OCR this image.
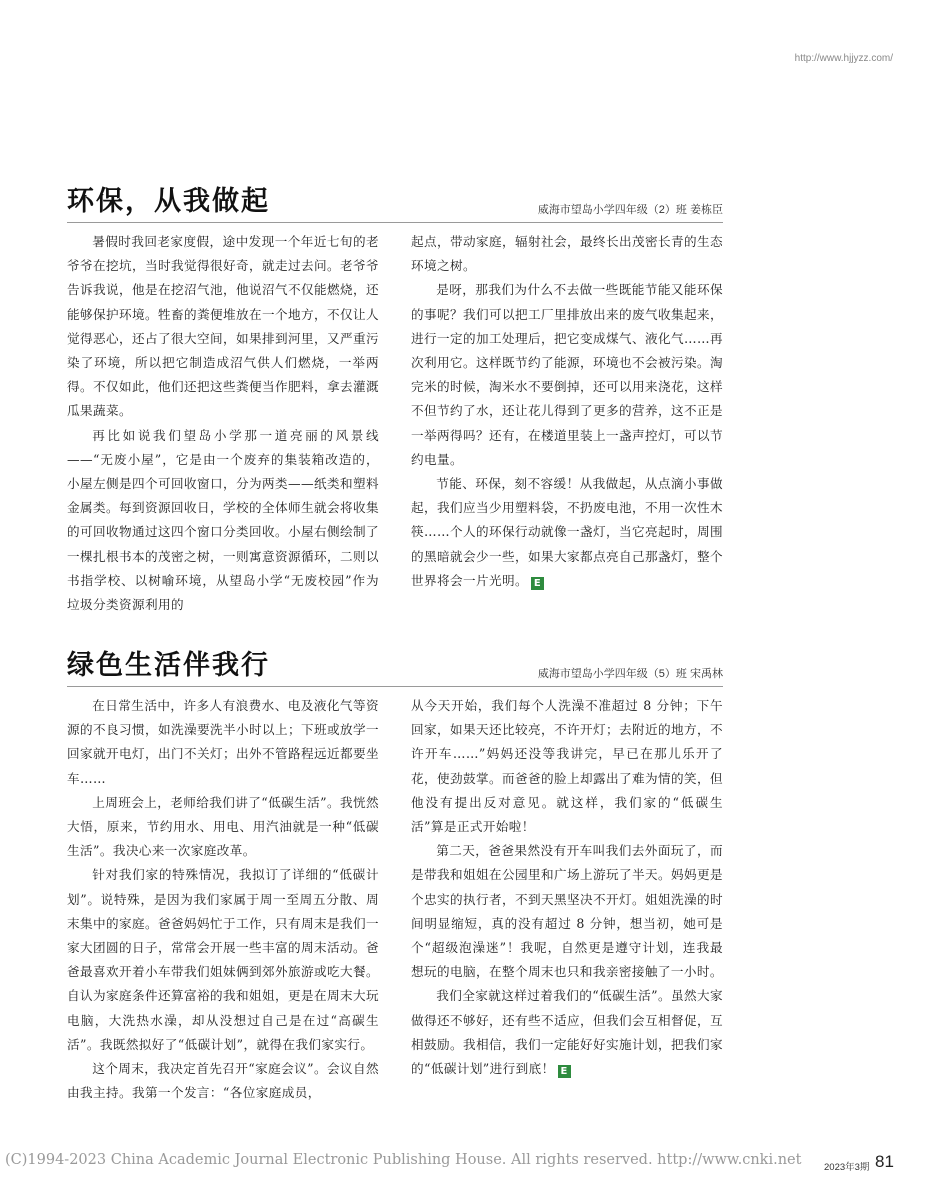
http://www.hjjyzz.com/
环保，从我做起	威海市望岛小学四年级（2）班 姜栋臣

暑假时我回老家度假，途中发现一个年近七旬的老爷爷在挖坑，当时我觉得很好奇，就走过去问。老爷爷告诉我说，他是在挖沼气池，他说沼气不仅能燃烧，还能够保护环境。牲畜的粪便堆放在一个地方，不仅让人觉得恶心，还占了很大空间，如果排到河里，又严重污染了环境，所以把它制造成沼气供人们燃烧，一举两得。不仅如此，他们还把这些粪便当作肥料，拿去灌溉瓜果蔬菜。

再比如说我们望岛小学那一道亮丽的风景线——“无废小屋”，它是由一个废弃的集装箱改造的，小屋左侧是四个可回收窗口，分为两类——纸类和塑料金属类。每到资源回收日，学校的全体师生就会将收集的可回收物通过这四个窗口分类回收。小屋右侧绘制了一棵扎根书本的茂密之树，一则寓意资源循环，二则以书指学校、以树喻环境，从望岛小学“无废校园”作为垃圾分类资源利用的

起点，带动家庭，辐射社会，最终长出茂密长青的生态环境之树。

是呀，那我们为什么不去做一些既能节能又能环保的事呢？我们可以把工厂里排放出来的废气收集起来，进行一定的加工处理后，把它变成煤气、液化气……再次利用它。这样既节约了能源，环境也不会被污染。淘完米的时候，淘米水不要倒掉，还可以用来浇花，这样不但节约了水，还让花儿得到了更多的营养，这不正是一举两得吗？还有，在楼道里装上一盏声控灯，可以节约电量。

节能、环保，刻不容缓！从我做起，从点滴小事做起，我们应当少用塑料袋，不扔废电池，不用一次性木筷……个人的环保行动就像一盏灯，当它亮起时，周围的黑暗就会少一些，如果大家都点亮自己那盏灯，整个世界将会一片光明。 E

绿色生活伴我行	威海市望岛小学四年级（5）班 宋禹林

在日常生活中，许多人有浪费水、电及液化气等资源的不良习惯，如洗澡要洗半小时以上；下班或放学一回家就开电灯，出门不关灯；出外不管路程远近都要坐车……

上周班会上，老师给我们讲了“低碳生活”。我恍然大悟，原来，节约用水、用电、用汽油就是一种“低碳生活”。我决心来一次家庭改革。

针对我们家的特殊情况，我拟订了详细的“低碳计划”。说特殊，是因为我们家属于周一至周五分散、周末集中的家庭。爸爸妈妈忙于工作，只有周末是我们一家大团圆的日子，常常会开展一些丰富的周末活动。爸爸最喜欢开着小车带我们姐妹俩到郊外旅游或吃大餐。自认为家庭条件还算富裕的我和姐姐，更是在周末大玩电脑，大洗热水澡，却从没想过自己是在过“高碳生活”。我既然拟好了“低碳计划”，就得在我们家实行。

这个周末，我决定首先召开“家庭会议”。会议自然由我主持。我第一个发言：“各位家庭成员，

从今天开始，我们每个人洗澡不准超过 8 分钟；下午回家，如果天还比较亮，不许开灯；去附近的地方，不许开车……”妈妈还没等我讲完，早已在那儿乐开了花，使劲鼓掌。而爸爸的脸上却露出了难为情的笑，但他没有提出反对意见。就这样，我们家的“低碳生活”算是正式开始啦！

第二天，爸爸果然没有开车叫我们去外面玩了，而是带我和姐姐在公园里和广场上游玩了半天。妈妈更是个忠实的执行者，不到天黑坚决不开灯。姐姐洗澡的时间明显缩短，真的没有超过 8 分钟，想当初，她可是个“超级泡澡迷”！我呢，自然更是遵守计划，连我最想玩的电脑，在整个周末也只和我亲密接触了一小时。

我们全家就这样过着我们的“低碳生活”。虽然大家做得还不够好，还有些不适应，但我们会互相督促，互相鼓励。我相信，我们一定能好好实施计划，把我们家的“低碳计划”进行到底！ E

(C)1994-2023 China Academic Journal Electronic Publishing House. All rights reserved. http://www.cnki.net 2023年3期 81
